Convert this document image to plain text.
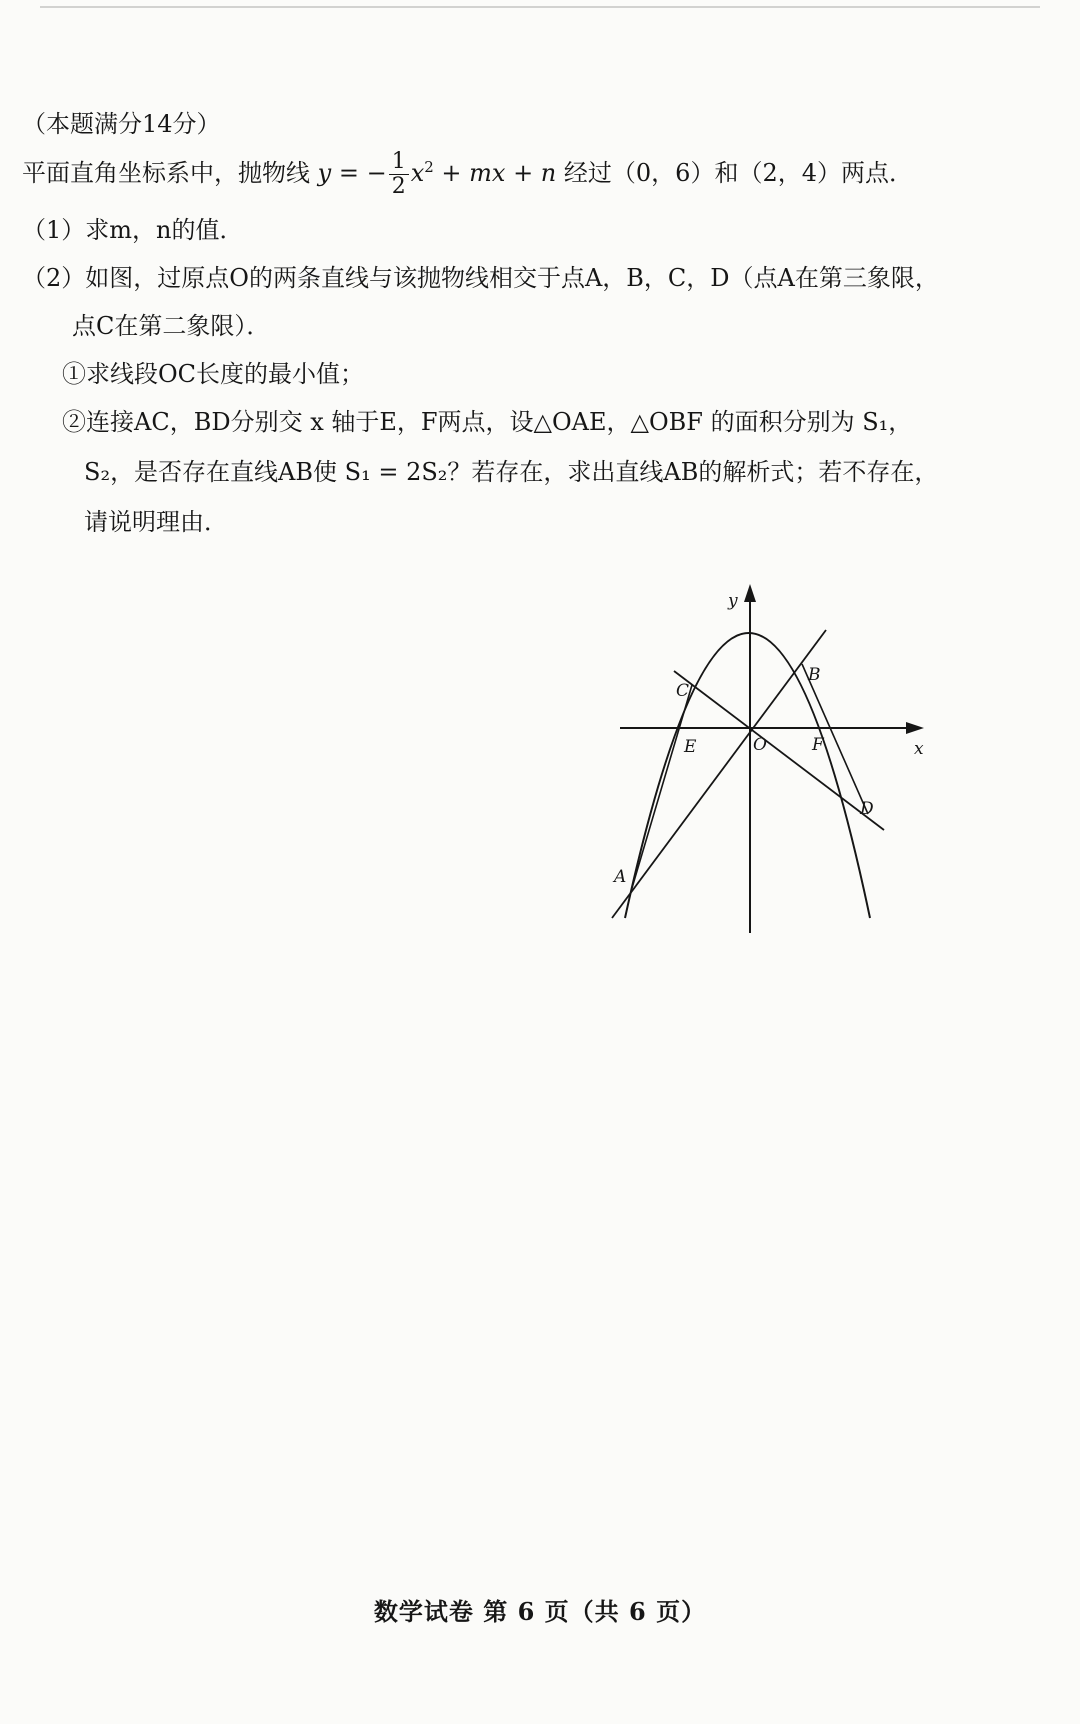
（本题满分14分）
平面直角坐标系中，抛物线 y = − $\frac{1}{2} x^2$ + mx + n 经过（0，6）和（2，4）两点．
（1）求m，n的值．
（2）如图，过原点O的两条直线与该抛物线相交于点A，B，C，D（点A在第三象限，
点C在第二象限）．
①求线段OC长度的最小值；
②连接AC，BD分别交 x 轴于E，F两点，设△OAE，△OBF 的面积分别为 S₁，
S₂，是否存在直线AB使 S₁ = 2S₂？若存在，求出直线AB的解析式；若不存在，
请说明理由．
y
x
O
A
B
C
D
E	F
数学试卷 第 6 页（共 6 页）
